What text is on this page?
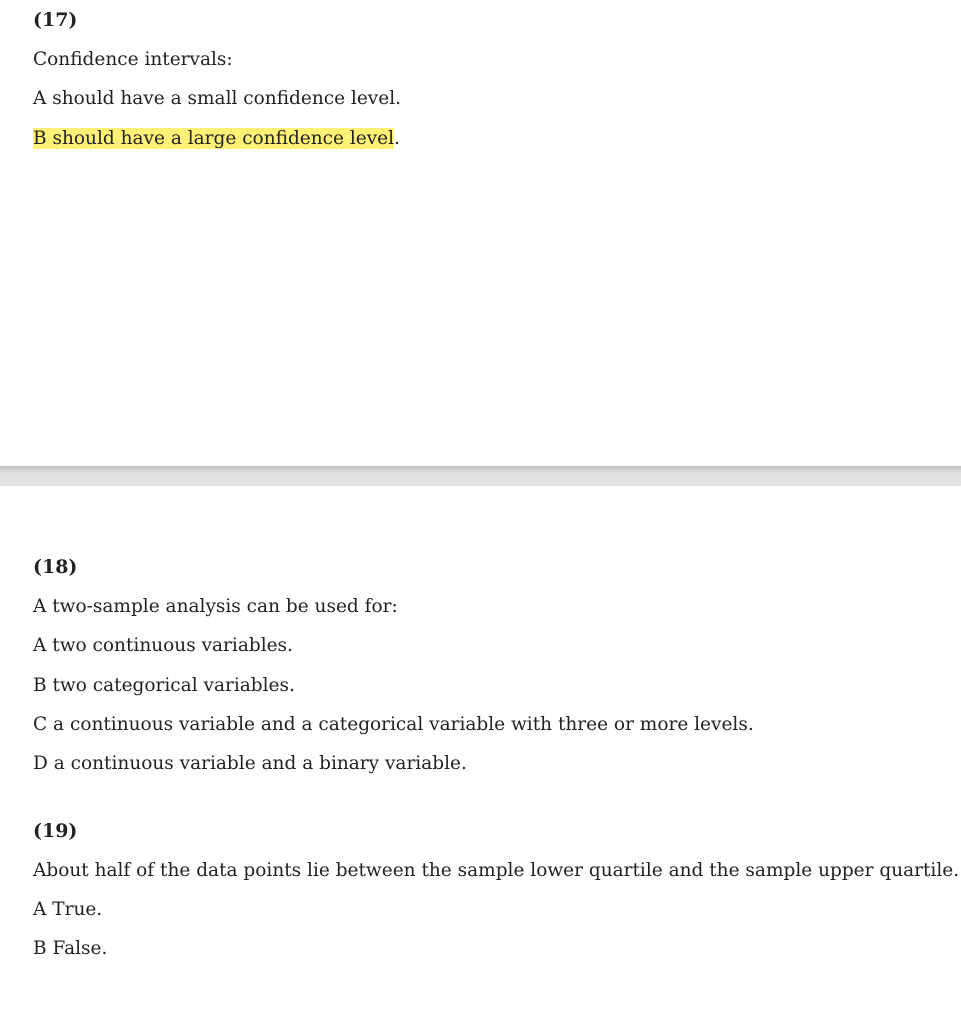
(17)
Confidence intervals:
A should have a small confidence level.
B should have a large confidence level.
(18)
A two-sample analysis can be used for:
A two continuous variables.
B two categorical variables.
C a continuous variable and a categorical variable with three or more levels.
D a continuous variable and a binary variable.
(19)
About half of the data points lie between the sample lower quartile and the sample upper quartile.
A True.
B False.
